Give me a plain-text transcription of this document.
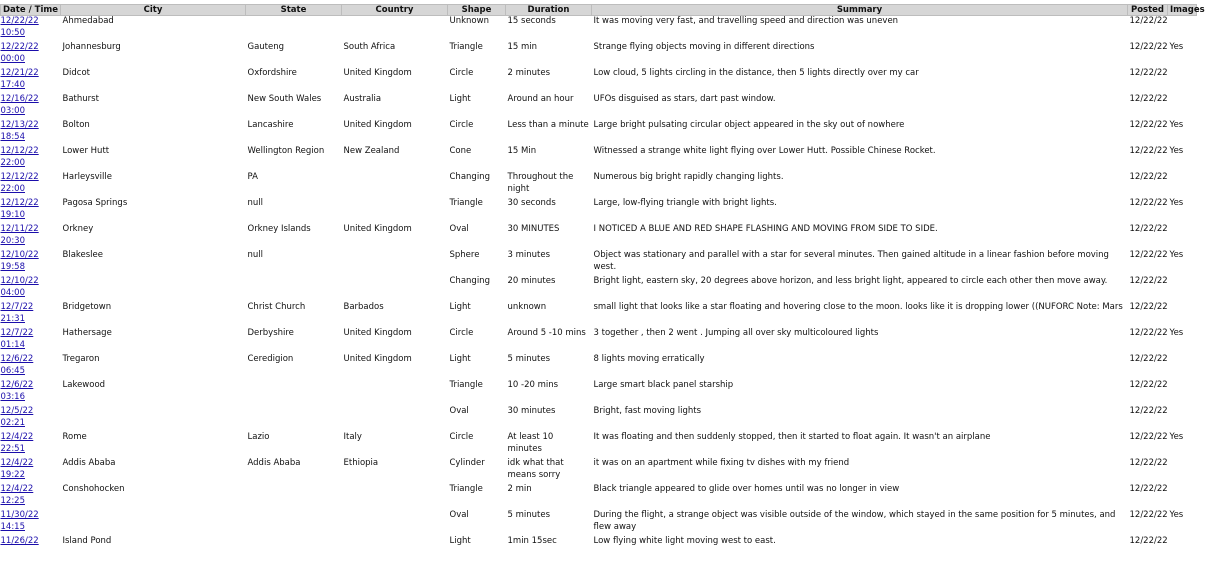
Date / Time	City	State	Country	Shape	Duration	Summary	Posted	Images
12/22/22
10:50	Ahmedabad			Unknown	15 seconds	It was moving very fast, and travelling speed and direction was uneven	12/22/22	
12/22/22
00:00	Johannesburg	Gauteng	South Africa	Triangle	15 min	Strange flying objects moving in different directions	12/22/22	Yes
12/21/22
17:40	Didcot	Oxfordshire	United Kingdom	Circle	2 minutes	Low cloud, 5 lights circling in the distance, then 5 lights directly over my car	12/22/22	
12/16/22
03:00	Bathurst	New South Wales	Australia	Light	Around an hour	UFOs disguised as stars, dart past window.	12/22/22	
12/13/22
18:54	Bolton	Lancashire	United Kingdom	Circle	Less than a minute	Large bright pulsating circular object appeared in the sky out of nowhere	12/22/22	Yes
12/12/22
22:00	Lower Hutt	Wellington Region	New Zealand	Cone	15 Min	Witnessed a strange white light flying over Lower Hutt. Possible Chinese Rocket.	12/22/22	Yes
12/12/22
22:00	Harleysville	PA		Changing	Throughout the night	Numerous big bright rapidly changing lights.	12/22/22	
12/12/22
19:10	Pagosa Springs	null		Triangle	30 seconds	Large, low-flying triangle with bright lights.	12/22/22	Yes
12/11/22
20:30	Orkney	Orkney Islands	United Kingdom	Oval	30 MINUTES	I NOTICED A BLUE AND RED SHAPE FLASHING AND MOVING FROM SIDE TO SIDE.	12/22/22	
12/10/22
19:58	Blakeslee	null		Sphere	3 minutes	Object was stationary and parallel with a star for several minutes. Then gained altitude in a linear fashion before moving west.	12/22/22	Yes
12/10/22
04:00				Changing	20 minutes	Bright light, eastern sky, 20 degrees above horizon, and less bright light, appeared to circle each other then move away.	12/22/22	
12/7/22
21:31	Bridgetown	Christ Church	Barbados	Light	unknown	small light that looks like a star floating and hovering close to the moon. looks like it is dropping lower ((NUFORC Note: Mars	12/22/22	
12/7/22
01:14	Hathersage	Derbyshire	United Kingdom	Circle	Around 5 -10 mins	3 together , then 2 went . Jumping all over sky multicoloured lights	12/22/22	Yes
12/6/22
06:45	Tregaron	Ceredigion	United Kingdom	Light	5 minutes	8 lights moving erratically	12/22/22	
12/6/22
03:16	Lakewood			Triangle	10 -20 mins	Large smart black panel starship	12/22/22	
12/5/22
02:21				Oval	30 minutes	Bright, fast moving lights	12/22/22	
12/4/22
22:51	Rome	Lazio	Italy	Circle	At least 10 minutes	It was floating and then suddenly stopped, then it started to float again. It wasn't an airplane	12/22/22	Yes
12/4/22
19:22	Addis Ababa	Addis Ababa	Ethiopia	Cylinder	idk what that means sorry	it was on an apartment while fixing tv dishes with my friend	12/22/22	
12/4/22
12:25	Conshohocken			Triangle	2 min	Black triangle appeared to glide over homes until was no longer in view	12/22/22	
11/30/22
14:15				Oval	5 minutes	During the flight, a strange object was visible outside of the window, which stayed in the same position for 5 minutes, and flew away	12/22/22	Yes
11/26/22	Island Pond			Light	1min 15sec	Low flying white light moving west to east.	12/22/22	
